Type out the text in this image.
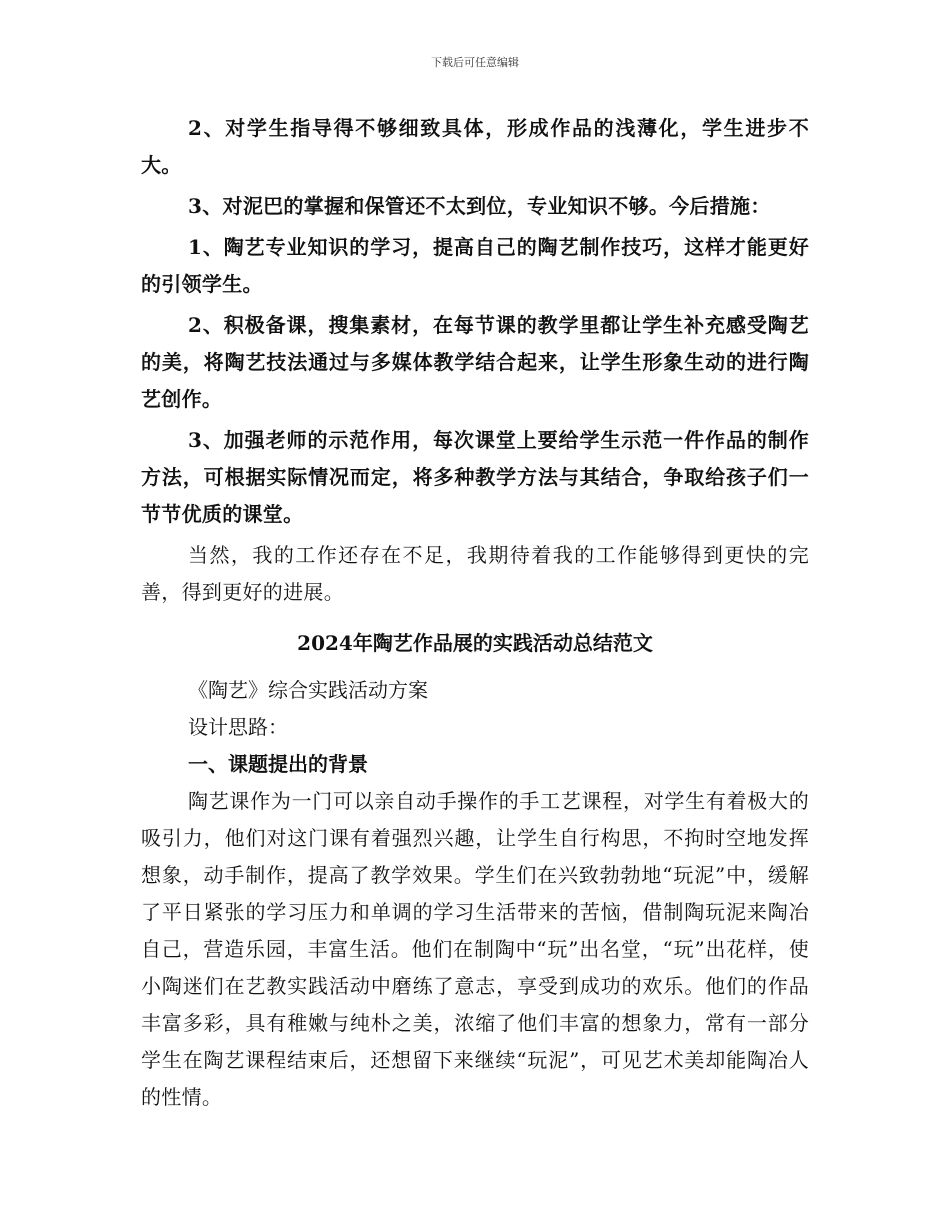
下载后可任意编辑

2、对学生指导得不够细致具体，形成作品的浅薄化，学生进步不大。

3、对泥巴的掌握和保管还不太到位，专业知识不够。今后措施：

1、陶艺专业知识的学习，提高自己的陶艺制作技巧，这样才能更好的引领学生。

2、积极备课，搜集素材，在每节课的教学里都让学生补充感受陶艺的美，将陶艺技法通过与多媒体教学结合起来，让学生形象生动的进行陶艺创作。

3、加强老师的示范作用，每次课堂上要给学生示范一件作品的制作方法，可根据实际情况而定，将多种教学方法与其结合，争取给孩子们一节节优质的课堂。

当然，我的工作还存在不足，我期待着我的工作能够得到更快的完善，得到更好的进展。

2024年陶艺作品展的实践活动总结范文

《陶艺》综合实践活动方案

设计思路：

一、课题提出的背景

陶艺课作为一门可以亲自动手操作的手工艺课程，对学生有着极大的吸引力，他们对这门课有着强烈兴趣，让学生自行构思，不拘时空地发挥想象，动手制作，提高了教学效果。学生们在兴致勃勃地“玩泥”中，缓解了平日紧张的学习压力和单调的学习生活带来的苦恼，借制陶玩泥来陶冶自己，营造乐园，丰富生活。他们在制陶中“玩”出名堂，“玩”出花样，使小陶迷们在艺教实践活动中磨练了意志，享受到成功的欢乐。他们的作品丰富多彩，具有稚嫩与纯朴之美，浓缩了他们丰富的想象力，常有一部分学生在陶艺课程结束后，还想留下来继续“玩泥”，可见艺术美却能陶冶人的性情。
